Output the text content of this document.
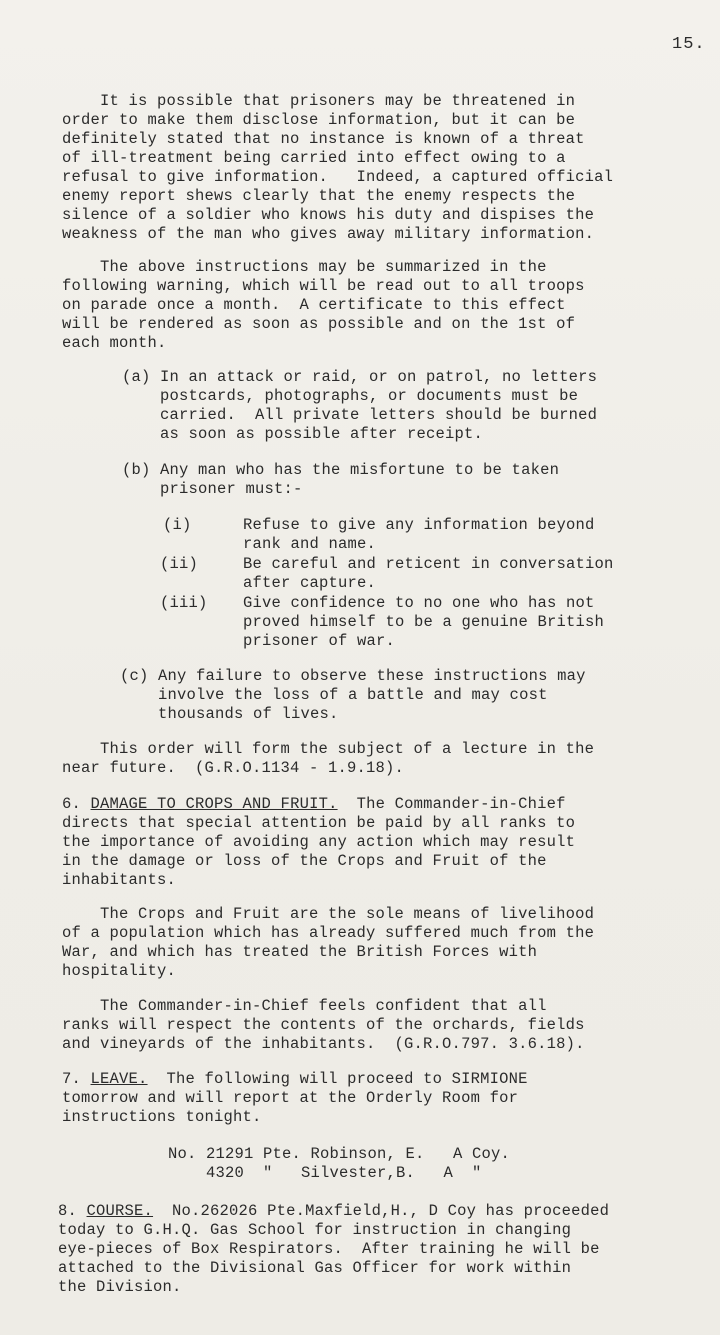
15.
It is possible that prisoners may be threatened in
order to make them disclose information, but it can be
definitely stated that no instance is known of a threat
of ill-treatment being carried into effect owing to a
refusal to give information.   Indeed, a captured official
enemy report shews clearly that the enemy respects the
silence of a soldier who knows his duty and dispises the
weakness of the man who gives away military information.
The above instructions may be summarized in the
following warning, which will be read out to all troops
on parade once a month.  A certificate to this effect
will be rendered as soon as possible and on the 1st of
each month.
(a) In an attack or raid, or on patrol, no letters
postcards, photographs, or documents must be
carried.  All private letters should be burned
as soon as possible after receipt.
(b) Any man who has the misfortune to be taken
prisoner must:-
(i)	Refuse to give any information beyond
rank and name.
(ii)	Be careful and reticent in conversation
after capture.
(iii) Give confidence to no one who has not
proved himself to be a genuine British
prisoner of war.
(c) Any failure to observe these instructions may
involve the loss of a battle and may cost
thousands of lives.
This order will form the subject of a lecture in the
near future.  (G.R.O.1134 - 1.9.18).
6. DAMAGE TO CROPS AND FRUIT.  The Commander-in-Chief
directs that special attention be paid by all ranks to
the importance of avoiding any action which may result
in the damage or loss of the Crops and Fruit of the
inhabitants.
The Crops and Fruit are the sole means of livelihood
of a population which has already suffered much from the
War, and which has treated the British Forces with
hospitality.
The Commander-in-Chief feels confident that all
ranks will respect the contents of the orchards, fields
and vineyards of the inhabitants.  (G.R.O.797. 3.6.18).
7. LEAVE.  The following will proceed to SIRMIONE
tomorrow and will report at the Orderly Room for
instructions tonight.
No. 21291 Pte. Robinson, E.   A Coy.
4320  "   Silvester,B.   A  "
8. COURSE.  No.262026 Pte.Maxfield,H., D Coy has proceeded
today to G.H.Q. Gas School for instruction in changing
eye-pieces of Box Respirators.  After training he will be
attached to the Divisional Gas Officer for work within
the Division.
